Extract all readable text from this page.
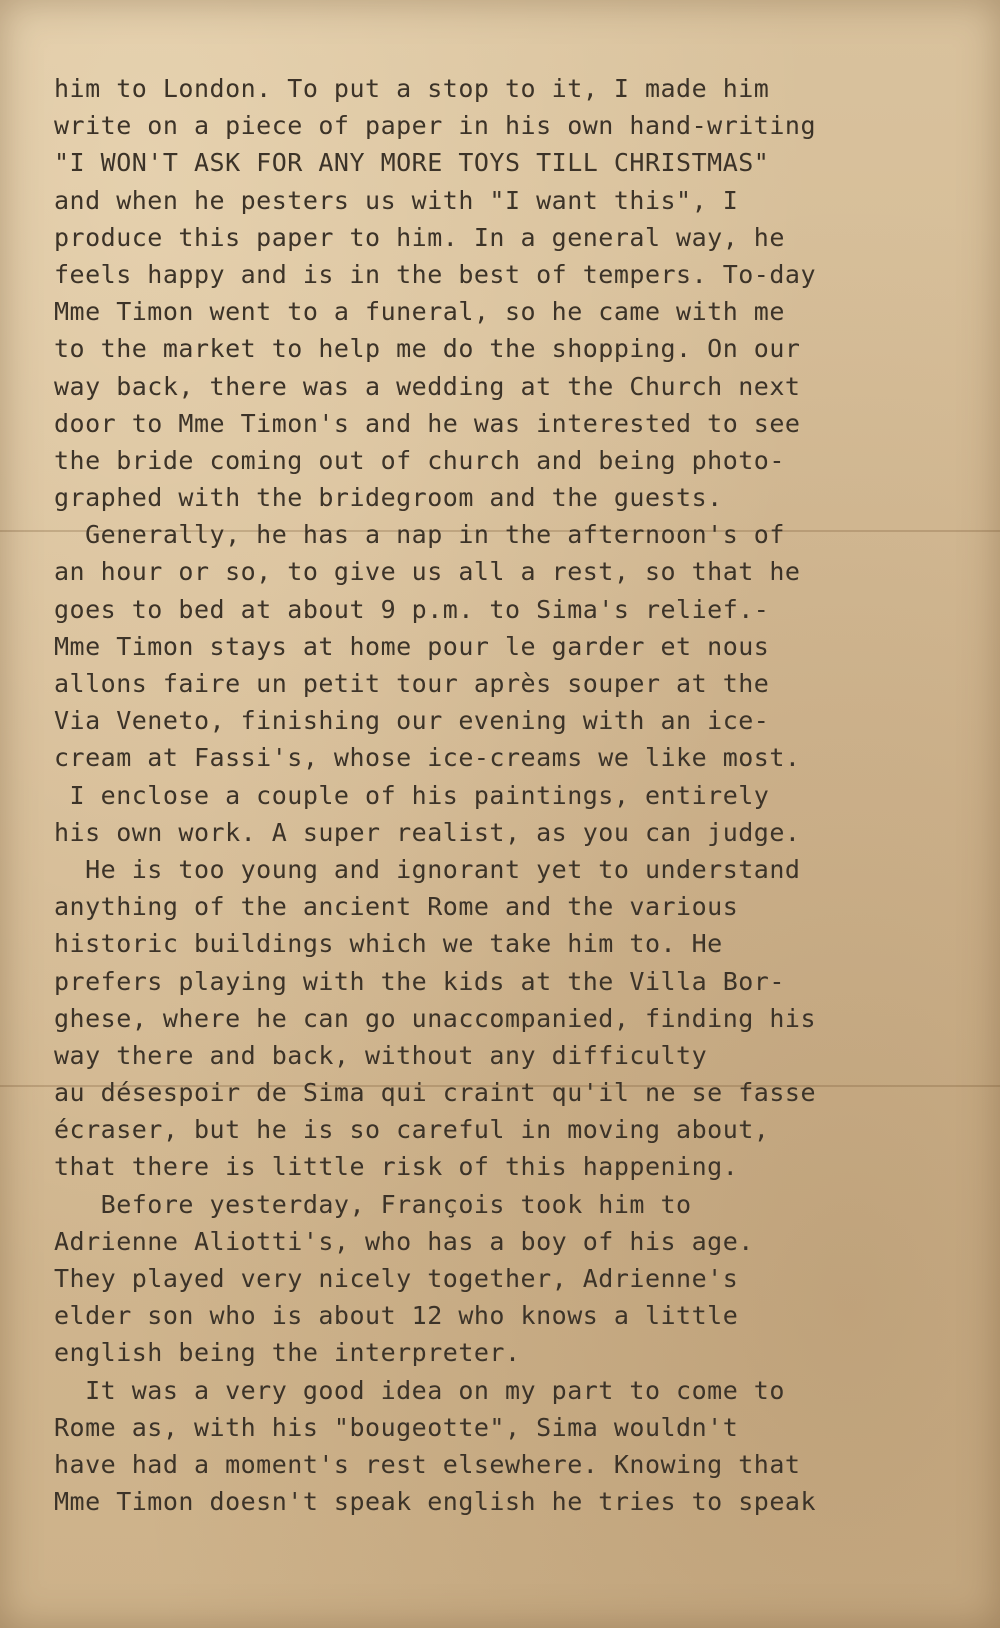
him to London. To put a stop to it, I made him
write on a piece of paper in his own hand-writing
"I WON'T ASK FOR ANY MORE TOYS TILL CHRISTMAS"
and when he pesters us with "I want this", I
produce this paper to him. In a general way, he
feels happy and is in the best of tempers. To-day
Mme Timon went to a funeral, so he came with me
to the market to help me do the shopping. On our
way back, there was a wedding at the Church next
door to Mme Timon's and he was interested to see
the bride coming out of church and being photo-
graphed with the bridegroom and the guests.
Generally, he has a nap in the afternoon's of
an hour or so, to give us all a rest, so that he
goes to bed at about 9 p.m. to Sima's relief.-
Mme Timon stays at home pour le garder et nous
allons faire un petit tour après souper at the
Via Veneto, finishing our evening with an ice-
cream at Fassi's, whose ice-creams we like most.
I enclose a couple of his paintings, entirely
his own work. A super realist, as you can judge.
He is too young and ignorant yet to understand
anything of the ancient Rome and the various
historic buildings which we take him to. He
prefers playing with the kids at the Villa Bor-
ghese, where he can go unaccompanied, finding his
way there and back, without any difficulty
au désespoir de Sima qui craint qu'il ne se fasse
écraser, but he is so careful in moving about,
that there is little risk of this happening.
Before yesterday, François took him to
Adrienne Aliotti's, who has a boy of his age.
They played very nicely together, Adrienne's
elder son who is about 12 who knows a little
english being the interpreter.
It was a very good idea on my part to come to
Rome as, with his "bougeotte", Sima wouldn't
have had a moment's rest elsewhere. Knowing that
Mme Timon doesn't speak english he tries to speak
